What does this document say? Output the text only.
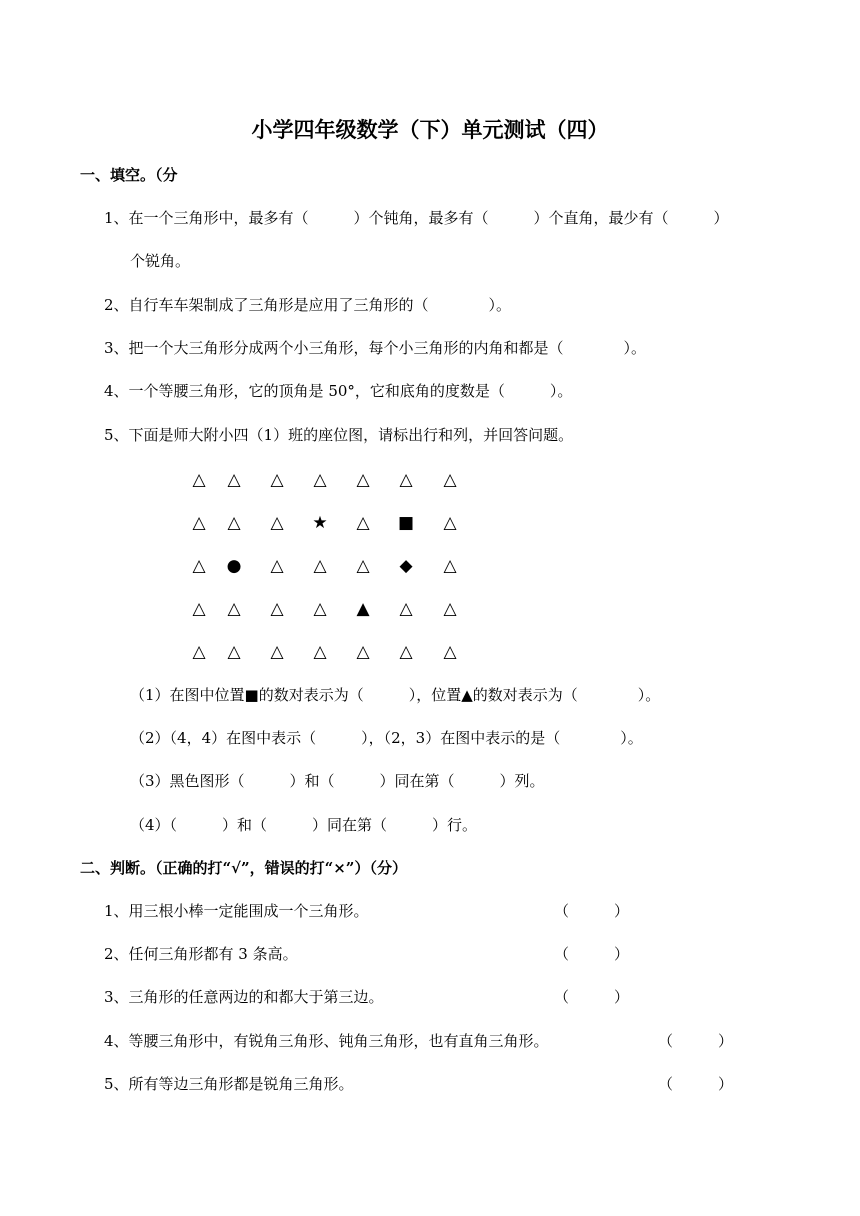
小学四年级数学（下）单元测试（四）
一、填空。（分
1、在一个三角形中，最多有（　　　）个钝角，最多有（　　　）个直角，最少有（　　　）
个锐角。
2、自行车车架制成了三角形是应用了三角形的（　　　　）。
3、把一个大三角形分成两个小三角形，每个小三角形的内角和都是（　　　　）。
4、一个等腰三角形，它的顶角是 50°，它和底角的度数是（　　　）。
5、下面是师大附小四（1）班的座位图，请标出行和列，并回答问题。
△	△	△	△	△	△	△
△	△	△	★	△	■	△
△	●	△	△	△	◆	△
△	△	△	△	▲	△	△
△	△	△	△	△	△	△
（1）在图中位置■的数对表示为（　　　），位置▲的数对表示为（　　　　）。
（2）（4，4）在图中表示（　　　），（2，3）在图中表示的是（　　　　）。
（3）黑色图形（　　　）和（　　　）同在第（　　　）列。
（4）（　　　）和（　　　）同在第（　　　）行。
二、判断。（正确的打“√”，错误的打“×”）（分）
1、用三根小棒一定能围成一个三角形。	（　　　）
2、任何三角形都有 3 条高。	（　　　）
3、三角形的任意两边的和都大于第三边。	（　　　）
4、等腰三角形中，有锐角三角形、钝角三角形，也有直角三角形。	（　　　）
5、所有等边三角形都是锐角三角形。	（　　　）
